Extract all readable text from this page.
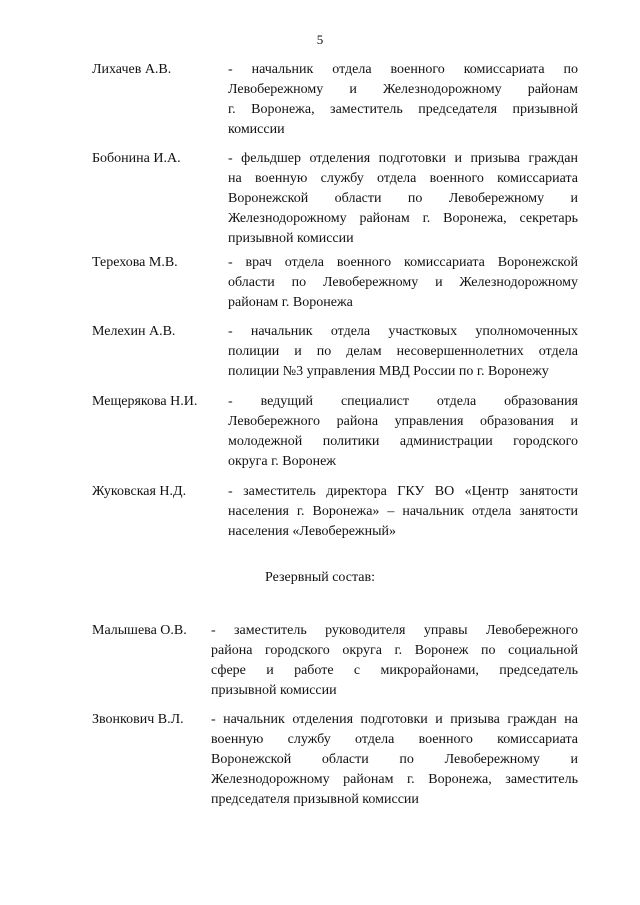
5
Лихачев А.В.	- начальник отдела военного комиссариата по
Левобережному и Железнодорожному районам
г. Воронежа, заместитель председателя призывной
комиссии
Бобонина И.А.	- фельдшер отделения подготовки и призыва граждан
на военную службу отдела военного комиссариата
Воронежской области по Левобережному и
Железнодорожному районам г. Воронежа, секретарь
призывной комиссии
Терехова М.В.	- врач отдела военного комиссариата Воронежской
области по Левобережному и Железнодорожному
районам г. Воронежа
Мелехин А.В.	- начальник отдела участковых уполномоченных
полиции и по делам несовершеннолетних отдела
полиции №3 управления МВД России по г. Воронежу
Мещерякова Н.И. - ведущий специалист отдела образования
Левобережного района управления образования и
молодежной политики администрации городского
округа г. Воронеж
Жуковская Н.Д.	- заместитель директора ГКУ ВО «Центр занятости
населения г. Воронежа» – начальник отдела занятости
населения «Левобережный»
Резервный состав:
Малышева О.В. - заместитель руководителя управы Левобережного
района городского округа г. Воронеж по социальной
сфере и работе с микрорайонами, председатель
призывной комиссии
Звонкович В.Л. - начальник отделения подготовки и призыва граждан на
военную службу отдела военного комиссариата
Воронежской области по Левобережному и
Железнодорожному районам г. Воронежа, заместитель
председателя призывной комиссии
